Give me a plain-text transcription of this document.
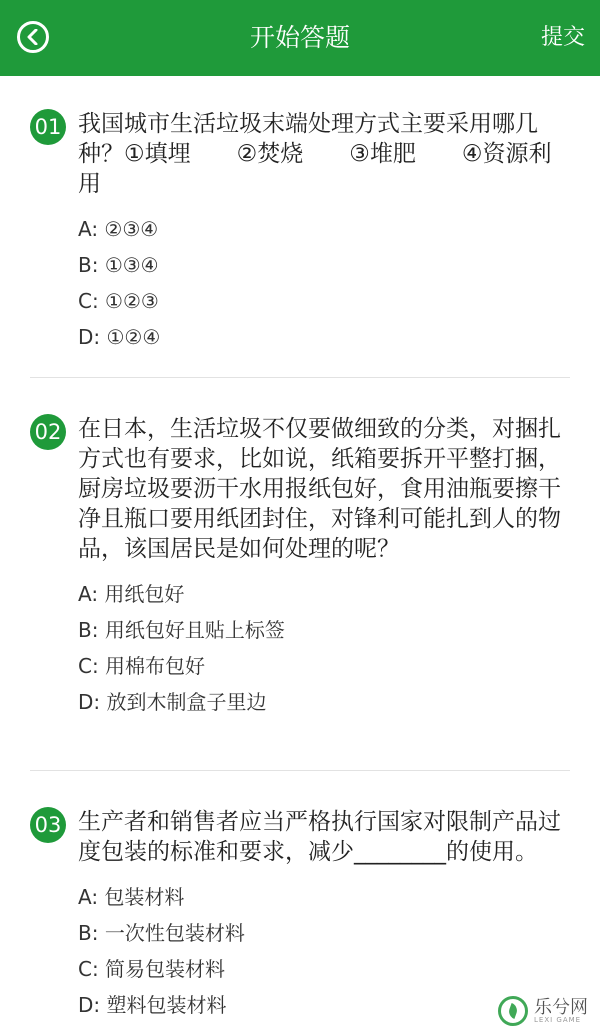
开始答题	提交
01 我国城市生活垃圾末端处理方式主要采用哪几种？①填埋　　②焚烧　　③堆肥　　④资源利用
A: ②③④
B: ①③④
C: ①②③
D: ①②④
02 在日本，生活垃圾不仅要做细致的分类，对捆扎方式也有要求，比如说，纸箱要拆开平整打捆，厨房垃圾要沥干水用报纸包好，食用油瓶要擦干净且瓶口要用纸团封住，对锋利可能扎到人的物品，该国居民是如何处理的呢？
A: 用纸包好
B: 用纸包好且贴上标签
C: 用棉布包好
D: 放到木制盒子里边
03 生产者和销售者应当严格执行国家对限制产品过度包装的标准和要求，减少________的使用。
A: 包装材料
B: 一次性包装材料
C: 简易包装材料
D: 塑料包装材料	乐兮网
LEXI GAME
